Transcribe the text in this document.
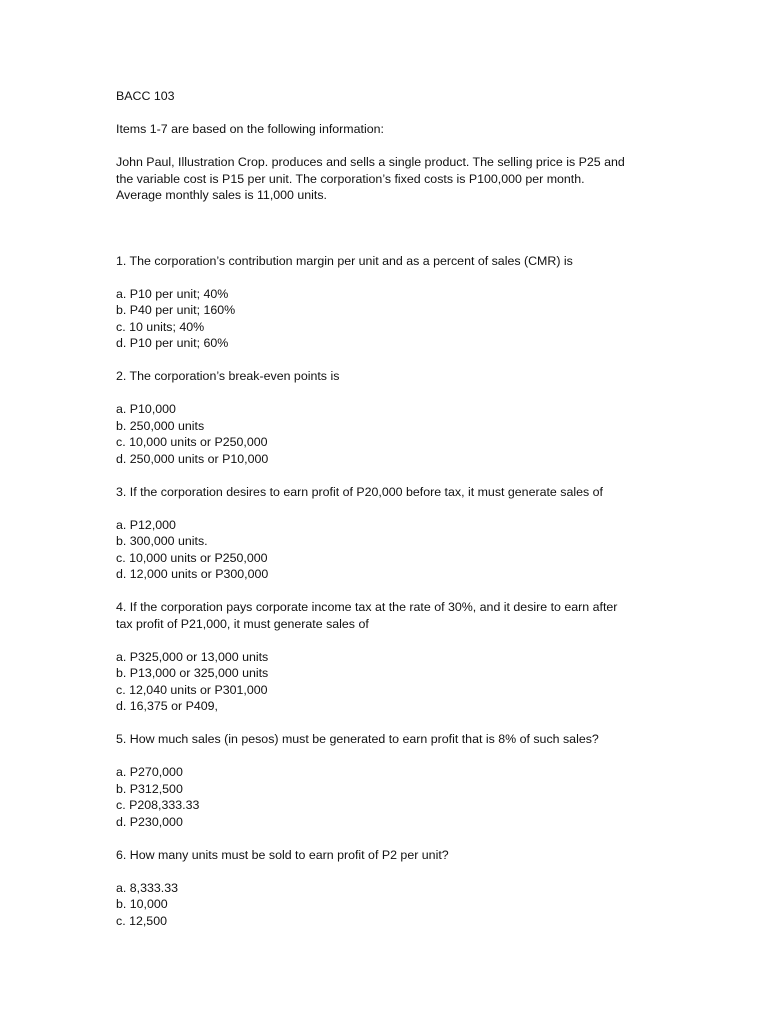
BACC 103
Items 1-7 are based on the following information:
John Paul, Illustration Crop. produces and sells a single product. The selling price is P25 and
the variable cost is P15 per unit. The corporation’s fixed costs is P100,000 per month.
Average monthly sales is 11,000 units.
1. The corporation’s contribution margin per unit and as a percent of sales (CMR) is
a. P10 per unit; 40%
b. P40 per unit; 160%
c. 10 units; 40%
d. P10 per unit; 60%
2. The corporation’s break-even points is
a. P10,000
b. 250,000 units
c. 10,000 units or P250,000
d. 250,000 units or P10,000
3. If the corporation desires to earn profit of P20,000 before tax, it must generate sales of
a. P12,000
b. 300,000 units.
c. 10,000 units or P250,000
d. 12,000 units or P300,000
4. If the corporation pays corporate income tax at the rate of 30%, and it desire to earn after
tax profit of P21,000, it must generate sales of
a. P325,000 or 13,000 units
b. P13,000 or 325,000 units
c. 12,040 units or P301,000
d. 16,375 or P409,
5. How much sales (in pesos) must be generated to earn profit that is 8% of such sales?
a. P270,000
b. P312,500
c. P208,333.33
d. P230,000
6. How many units must be sold to earn profit of P2 per unit?
a. 8,333.33
b. 10,000
c. 12,500
